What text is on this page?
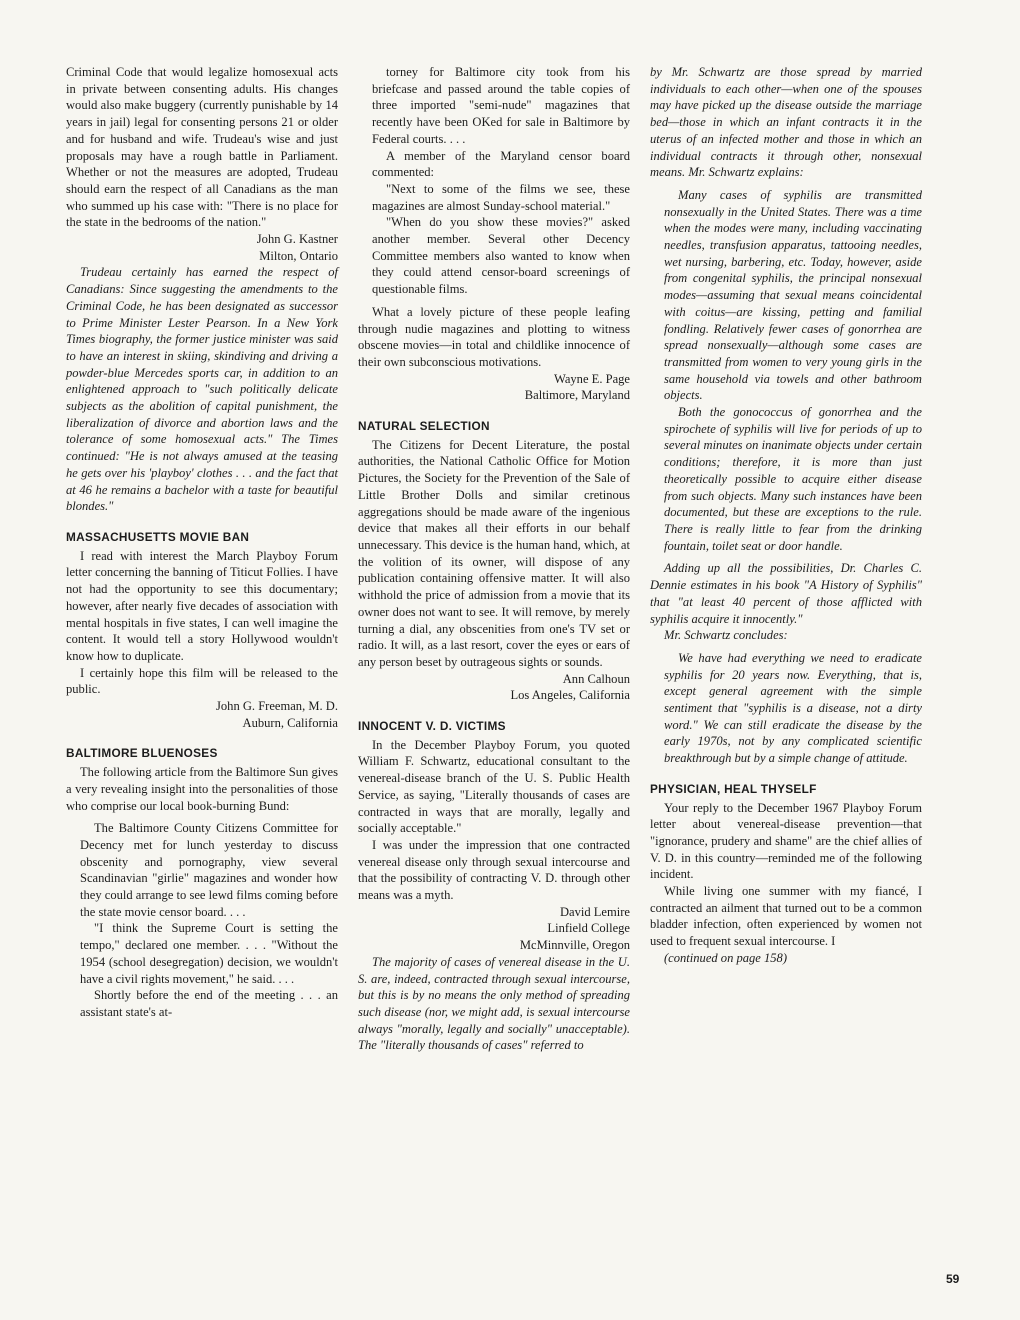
Criminal Code that would legalize homosexual acts in private between consenting adults. His changes would also make buggery (currently punishable by 14 years in jail) legal for consenting persons 21 or older and for husband and wife. Trudeau's wise and just proposals may have a rough battle in Parliament. Whether or not the measures are adopted, Trudeau should earn the respect of all Canadians as the man who summed up his case with: "There is no place for the state in the bedrooms of the nation."

John G. Kastner

Milton, Ontario

Trudeau certainly has earned the respect of Canadians: Since suggesting the amendments to the Criminal Code, he has been designated as successor to Prime Minister Lester Pearson. In a New York Times biography, the former justice minister was said to have an interest in skiing, skindiving and driving a powder-blue Mercedes sports car, in addition to an enlightened approach to "such politically delicate subjects as the abolition of capital punishment, the liberalization of divorce and abortion laws and the tolerance of some homosexual acts." The Times continued: "He is not always amused at the teasing he gets over his 'playboy' clothes . . . and the fact that at 46 he remains a bachelor with a taste for beautiful blondes."

MASSACHUSETTS MOVIE BAN

I read with interest the March Playboy Forum letter concerning the banning of Titicut Follies. I have not had the opportunity to see this documentary; however, after nearly five decades of association with mental hospitals in five states, I can well imagine the content. It would tell a story Hollywood wouldn't know how to duplicate.

I certainly hope this film will be released to the public.

John G. Freeman, M. D.

Auburn, California

BALTIMORE BLUENOSES

The following article from the Baltimore Sun gives a very revealing insight into the personalities of those who comprise our local book-burning Bund:

The Baltimore County Citizens Committee for Decency met for lunch yesterday to discuss obscenity and pornography, view several Scandinavian "girlie" magazines and wonder how they could arrange to see lewd films coming before the state movie censor board. . . .

"I think the Supreme Court is setting the tempo," declared one member. . . . "Without the 1954 (school desegregation) decision, we wouldn't have a civil rights movement," he said. . . .

Shortly before the end of the meeting . . . an assistant state's at-

torney for Baltimore city took from his briefcase and passed around the table copies of three imported "semi-nude" magazines that recently have been OKed for sale in Baltimore by Federal courts. . . .

A member of the Maryland censor board commented:

"Next to some of the films we see, these magazines are almost Sunday-school material."

"When do you show these movies?" asked another member. Several other Decency Committee members also wanted to know when they could attend censor-board screenings of questionable films.

What a lovely picture of these people leafing through nudie magazines and plotting to witness obscene movies—in total and childlike innocence of their own subconscious motivations.

Wayne E. Page

Baltimore, Maryland

NATURAL SELECTION

The Citizens for Decent Literature, the postal authorities, the National Catholic Office for Motion Pictures, the Society for the Prevention of the Sale of Little Brother Dolls and similar cretinous aggregations should be made aware of the ingenious device that makes all their efforts in our behalf unnecessary. This device is the human hand, which, at the volition of its owner, will dispose of any publication containing offensive matter. It will also withhold the price of admission from a movie that its owner does not want to see. It will remove, by merely turning a dial, any obscenities from one's TV set or radio. It will, as a last resort, cover the eyes or ears of any person beset by outrageous sights or sounds.

Ann Calhoun

Los Angeles, California

INNOCENT V. D. VICTIMS

In the December Playboy Forum, you quoted William F. Schwartz, educational consultant to the venereal-disease branch of the U. S. Public Health Service, as saying, "Literally thousands of cases are contracted in ways that are morally, legally and socially acceptable."

I was under the impression that one contracted venereal disease only through sexual intercourse and that the possibility of contracting V. D. through other means was a myth.

David Lemire

Linfield College

McMinnville, Oregon

The majority of cases of venereal disease in the U. S. are, indeed, contracted through sexual intercourse, but this is by no means the only method of spreading such disease (nor, we might add, is sexual intercourse always "morally, legally and socially" unacceptable). The "literally thousands of cases" referred to

by Mr. Schwartz are those spread by married individuals to each other—when one of the spouses may have picked up the disease outside the marriage bed—those in which an infant contracts it in the uterus of an infected mother and those in which an individual contracts it through other, nonsexual means. Mr. Schwartz explains:

Many cases of syphilis are transmitted nonsexually in the United States. There was a time when the modes were many, including vaccinating needles, transfusion apparatus, tattooing needles, wet nursing, barbering, etc. Today, however, aside from congenital syphilis, the principal nonsexual modes—assuming that sexual means coincidental with coitus—are kissing, petting and familial fondling. Relatively fewer cases of gonorrhea are spread nonsexually—although some cases are transmitted from women to very young girls in the same household via towels and other bathroom objects.

Both the gonococcus of gonorrhea and the spirochete of syphilis will live for periods of up to several minutes on inanimate objects under certain conditions; therefore, it is more than just theoretically possible to acquire either disease from such objects. Many such instances have been documented, but these are exceptions to the rule. There is really little to fear from the drinking fountain, toilet seat or door handle.

Adding up all the possibilities, Dr. Charles C. Dennie estimates in his book "A History of Syphilis" that "at least 40 percent of those afflicted with syphilis acquire it innocently."

Mr. Schwartz concludes:

We have had everything we need to eradicate syphilis for 20 years now. Everything, that is, except general agreement with the simple sentiment that "syphilis is a disease, not a dirty word." We can still eradicate the disease by the early 1970s, not by any complicated scientific breakthrough but by a simple change of attitude.

PHYSICIAN, HEAL THYSELF

Your reply to the December 1967 Playboy Forum letter about venereal-disease prevention—that "ignorance, prudery and shame" are the chief allies of V. D. in this country—reminded me of the following incident.

While living one summer with my fiancé, I contracted an ailment that turned out to be a common bladder infection, often experienced by women not used to frequent sexual intercourse. I

(continued on page 158)

59
